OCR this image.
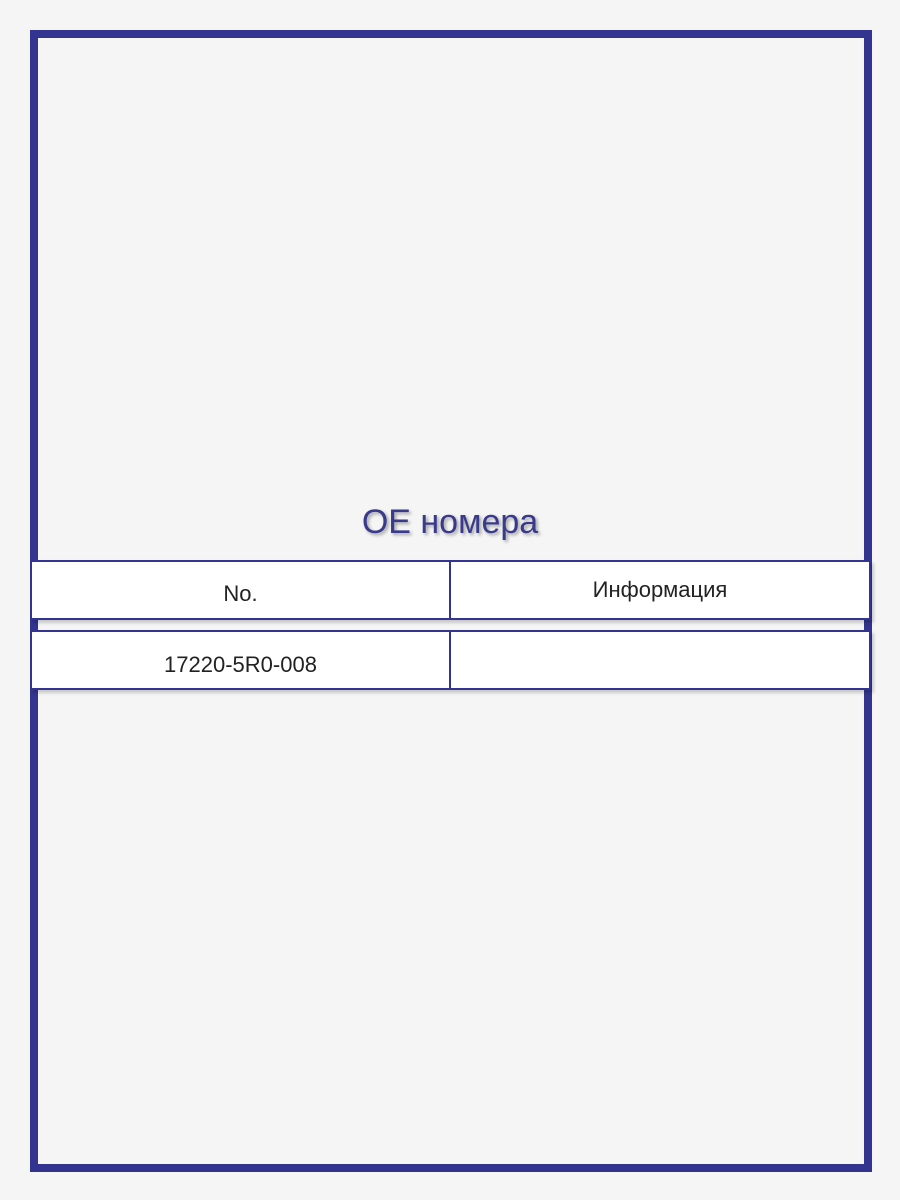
OE номера
No.	Информация
17220-5R0-008
